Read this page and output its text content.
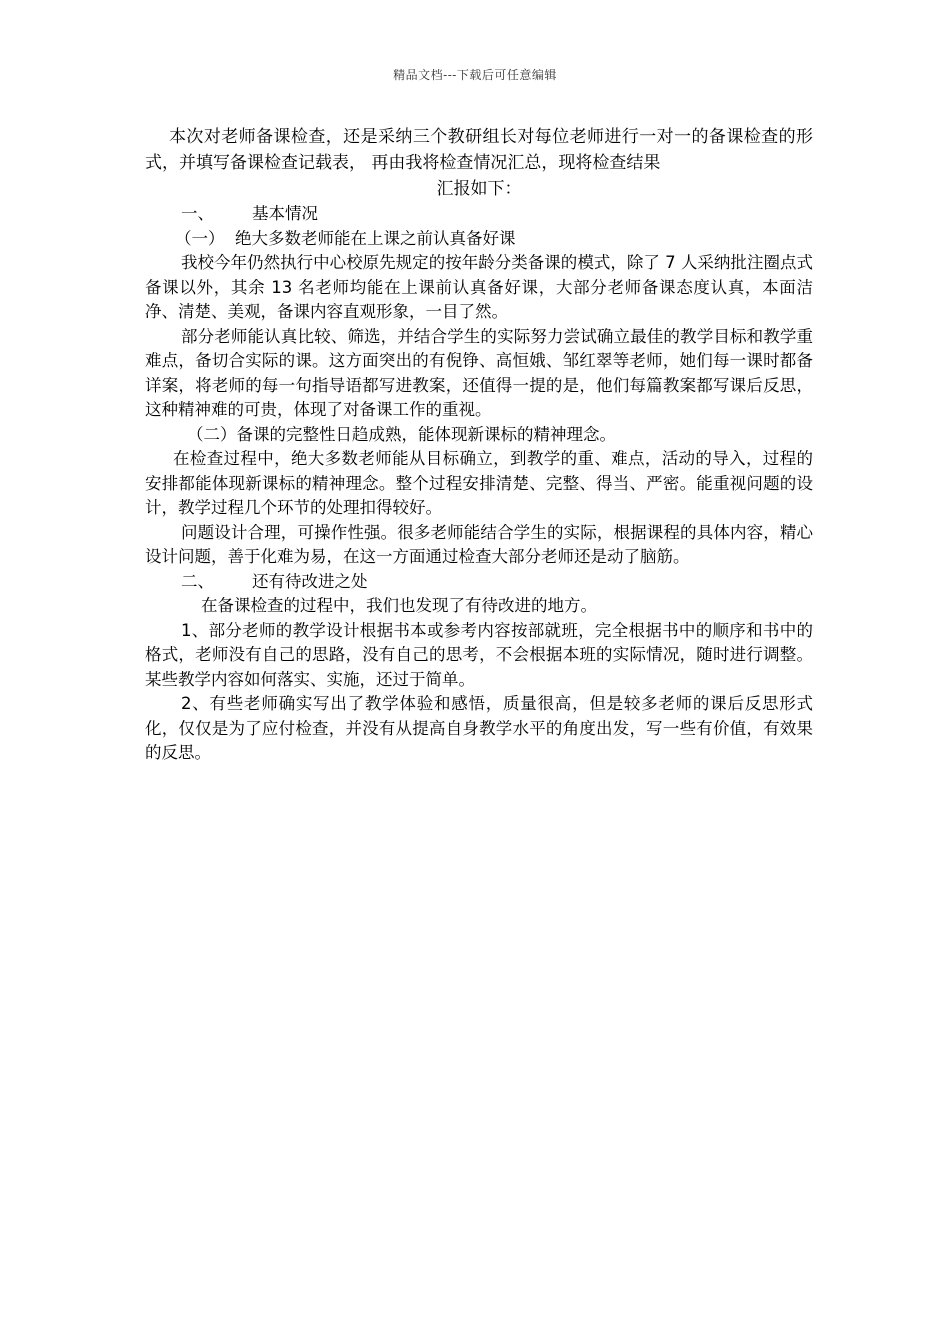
精品文档---下载后可任意编辑

本次对老师备课检查，还是采纳三个教研组长对每位老师进行一对一的备课检查的形式，并填写备课检查记载表， 再由我将检查情况汇总，现将检查结果

汇报如下：

一、 基本情况

（一）  绝大多数老师能在上课之前认真备好课

我校今年仍然执行中心校原先规定的按年龄分类备课的模式，除了 7 人采纳批注圈点式备课以外，其余 13 名老师均能在上课前认真备好课，大部分老师备课态度认真，本面洁净、清楚、美观，备课内容直观形象，一目了然。

部分老师能认真比较、筛选，并结合学生的实际努力尝试确立最佳的教学目标和教学重难点，备切合实际的课。这方面突出的有倪铮、高恒娥、邹红翠等老师，她们每一课时都备详案，将老师的每一句指导语都写进教案，还值得一提的是，他们每篇教案都写课后反思，这种精神难的可贵，体现了对备课工作的重视。

（二）备课的完整性日趋成熟，能体现新课标的精神理念。

在检查过程中，绝大多数老师能从目标确立，到教学的重、难点，活动的导入，过程的安排都能体现新课标的精神理念。整个过程安排清楚、完整、得当、严密。能重视问题的设计，教学过程几个环节的处理扣得较好。

问题设计合理，可操作性强。很多老师能结合学生的实际，根据课程的具体内容，精心设计问题，善于化难为易，在这一方面通过检查大部分老师还是动了脑筋。

二、 还有待改进之处

在备课检查的过程中，我们也发现了有待改进的地方。

1、部分老师的教学设计根据书本或参考内容按部就班，完全根据书中的顺序和书中的格式，老师没有自己的思路，没有自己的思考，不会根据本班的实际情况，随时进行调整。某些教学内容如何落实、实施，还过于简单。

2、有些老师确实写出了教学体验和感悟，质量很高，但是较多老师的课后反思形式化，仅仅是为了应付检查，并没有从提高自身教学水平的角度出发，写一些有价值，有效果的反思。
